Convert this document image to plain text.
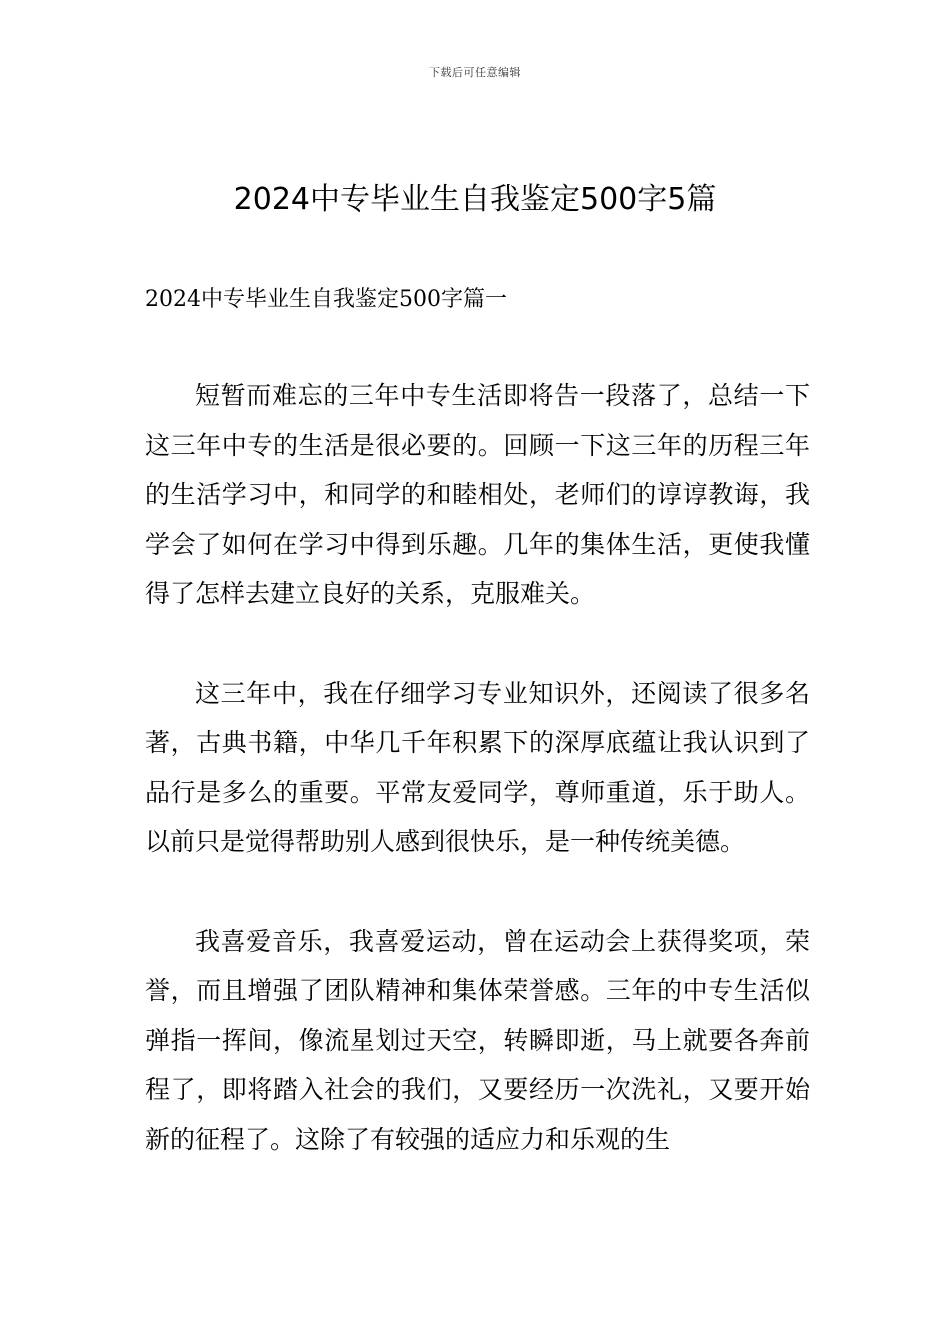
下载后可任意编辑
2024中专毕业生自我鉴定500字5篇

2024中专毕业生自我鉴定500字篇一

短暂而难忘的三年中专生活即将告一段落了，总结一下这三年中专的生活是很必要的。回顾一下这三年的历程三年的生活学习中，和同学的和睦相处，老师们的谆谆教诲，我学会了如何在学习中得到乐趣。几年的集体生活，更使我懂得了怎样去建立良好的关系，克服难关。

这三年中，我在仔细学习专业知识外，还阅读了很多名著，古典书籍，中华几千年积累下的深厚底蕴让我认识到了品行是多么的重要。平常友爱同学，尊师重道，乐于助人。以前只是觉得帮助别人感到很快乐，是一种传统美德。

我喜爱音乐，我喜爱运动，曾在运动会上获得奖项，荣誉，而且增强了团队精神和集体荣誉感。三年的中专生活似弹指一挥间，像流星划过天空，转瞬即逝，马上就要各奔前程了，即将踏入社会的我们，又要经历一次洗礼，又要开始新的征程了。这除了有较强的适应力和乐观的生
